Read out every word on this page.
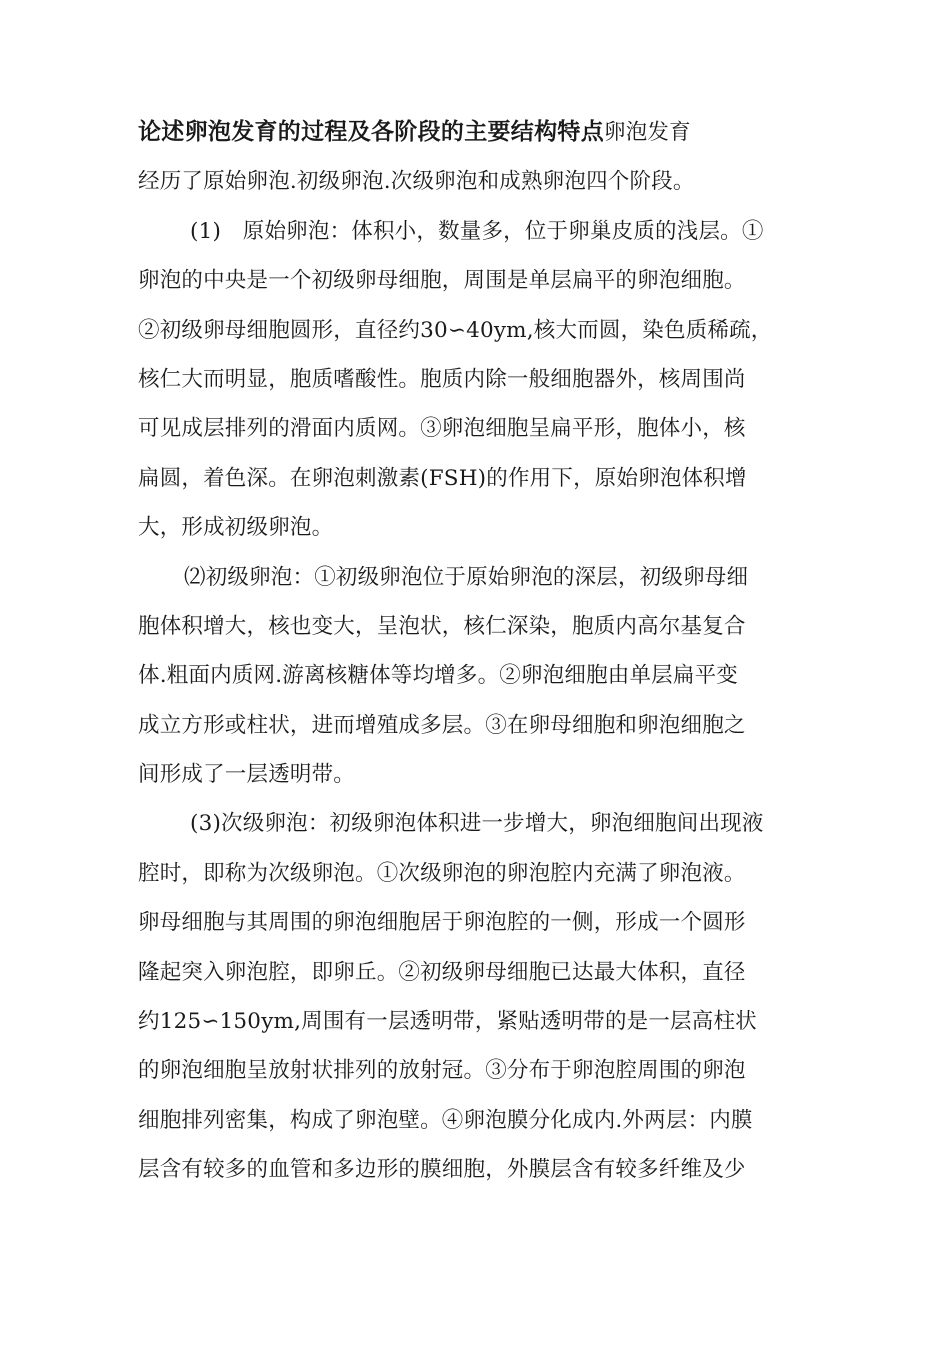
论述卵泡发育的过程及各阶段的主要结构特点卵泡发育
经历了原始卵泡.初级卵泡.次级卵泡和成熟卵泡四个阶段。
(1)　原始卵泡：体积小，数量多，位于卵巢皮质的浅层。①
卵泡的中央是一个初级卵母细胞，周围是单层扁平的卵泡细胞。
②初级卵母细胞圆形，直径约30∽40ym,核大而圆，染色质稀疏，
核仁大而明显，胞质嗜酸性。胞质内除一般细胞器外，核周围尚
可见成层排列的滑面内质网。③卵泡细胞呈扁平形，胞体小，核
扁圆，着色深。在卵泡刺激素(FSH)的作用下，原始卵泡体积增
大，形成初级卵泡。
⑵初级卵泡：①初级卵泡位于原始卵泡的深层，初级卵母细
胞体积增大，核也变大，呈泡状，核仁深染，胞质内高尔基复合
体.粗面内质网.游离核糖体等均增多。②卵泡细胞由单层扁平变
成立方形或柱状，进而增殖成多层。③在卵母细胞和卵泡细胞之
间形成了一层透明带。
(3)次级卵泡：初级卵泡体积进一步增大，卵泡细胞间出现液
腔时，即称为次级卵泡。①次级卵泡的卵泡腔内充满了卵泡液。
卵母细胞与其周围的卵泡细胞居于卵泡腔的一侧，形成一个圆形
隆起突入卵泡腔，即卵丘。②初级卵母细胞已达最大体积，直径
约125∽150ym,周围有一层透明带，紧贴透明带的是一层高柱状
的卵泡细胞呈放射状排列的放射冠。③分布于卵泡腔周围的卵泡
细胞排列密集，构成了卵泡壁。④卵泡膜分化成内.外两层：内膜
层含有较多的血管和多边形的膜细胞，外膜层含有较多纤维及少
